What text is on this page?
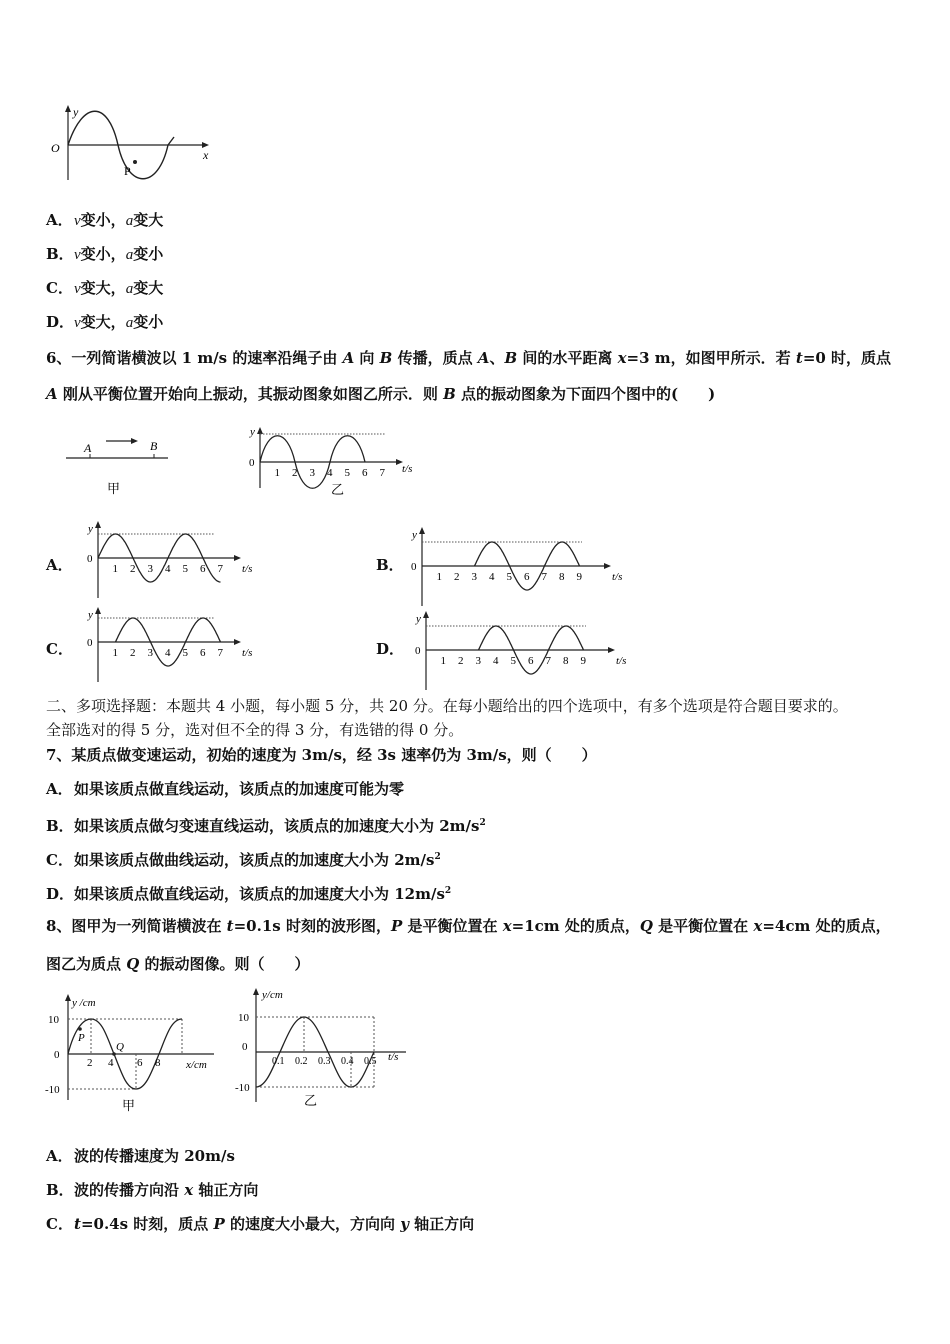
y
x
O
P
A．v变小，a变大
B．v变小，a变小
C．v变大，a变大
D．v变大，a变小
6、一列简谐横波以 1 m/s 的速率沿绳子由 A 向 B 传播，质点 A、B 间的水平距离 x=3 m，如图甲所示．若 t=0 时，质点
A 刚从平衡位置开始向上振动，其振动图象如图乙所示．则 B 点的振动图象为下面四个图中的(　　)
A	B
甲
y
0
1 2 3 4 5 6 7 t/s
乙
A．
y
0
1 2 3 4 5 6 7 t/s	B．
y
0
1 2 3 4 5 6 7 8 9	t/s
C．
y
0
1 2 3 4 5 6 7 t/s	D．
y
0
1 2 3 4 5 6 7 8 9	t/s
二、多项选择题：本题共 4 小题，每小题 5 分，共 20 分。在每小题给出的四个选项中，有多个选项是符合题目要求的。
全部选对的得 5 分，选对但不全的得 3 分，有选错的得 0 分。
7、某质点做变速运动，初始的速度为 3m/s，经 3s 速率仍为 3m/s，则（　　）
A．如果该质点做直线运动，该质点的加速度可能为零
B．如果该质点做匀变速直线运动，该质点的加速度大小为 $2m/s^2$
C．如果该质点做曲线运动，该质点的加速度大小为 $2m/s^2$
D．如果该质点做直线运动，该质点的加速度大小为 $12m/s^2$
8、图甲为一列简谐横波在 t=0.1s 时刻的波形图，P 是平衡位置在 x=1cm 处的质点，Q 是平衡位置在 x=4cm 处的质点，
图乙为质点 Q 的振动图像。则（　　）
y /cm
10
0
-10
2 4 6 8 x/cm
P
Q
甲
y/cm
10
0
-10
0.1 0.2 0.3 0.4 0.5 t/s
乙
A．波的传播速度为 20m/s
B．波的传播方向沿 x 轴正方向
C．t=0.4s 时刻，质点 P 的速度大小最大，方向向 y 轴正方向
